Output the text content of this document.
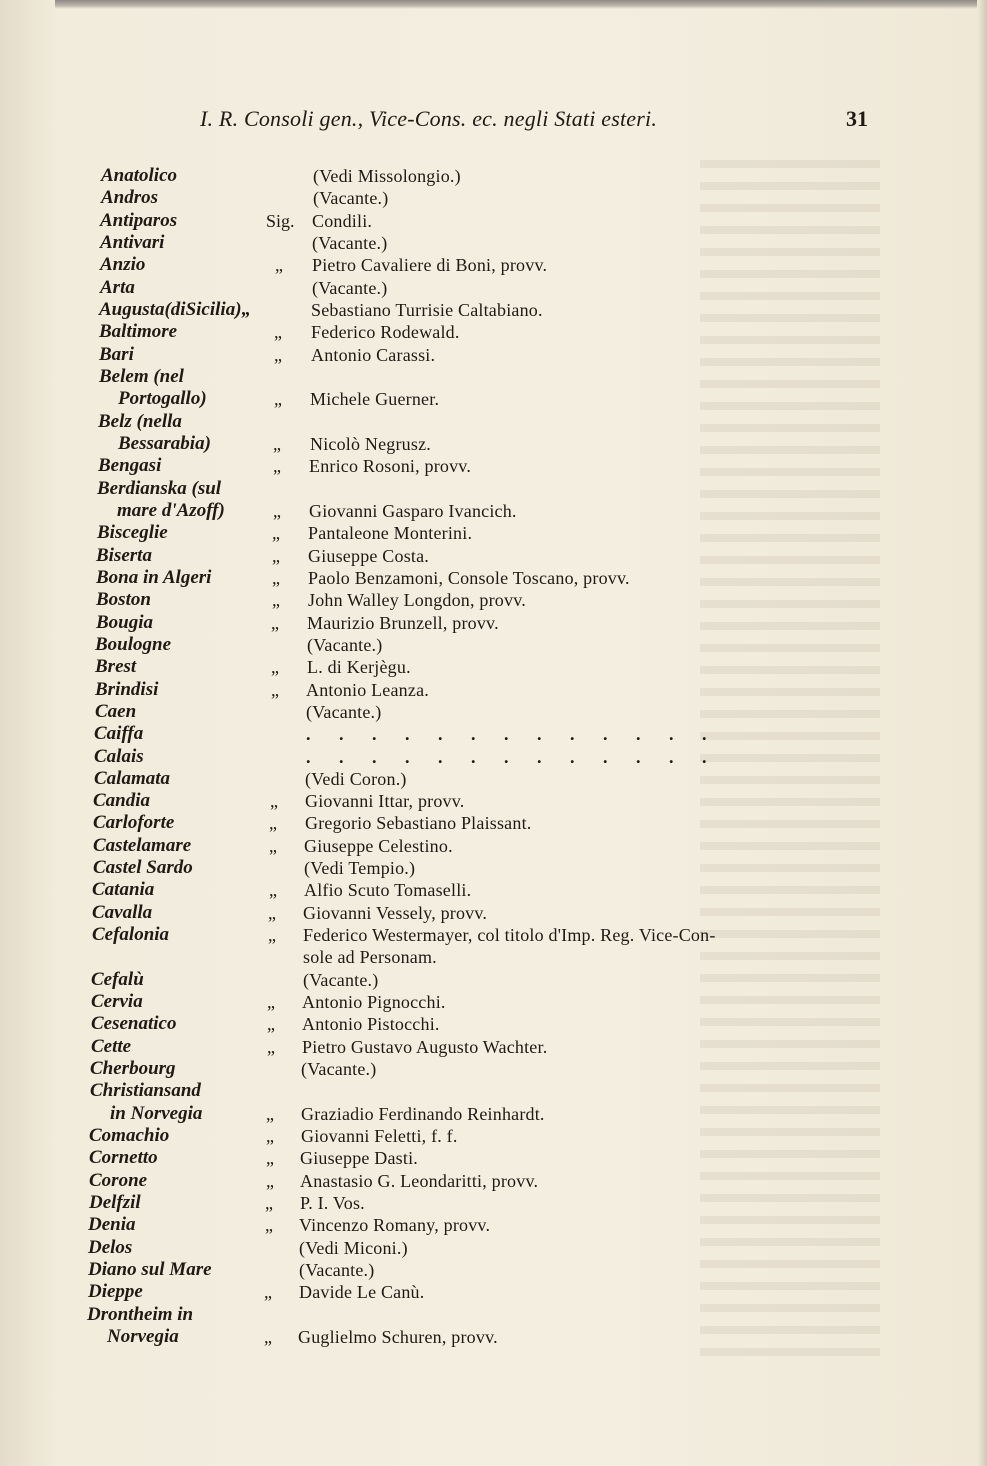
I. R. Consoli gen., Vice-Cons. ec. negli Stati esteri.	31
Anatolico	(Vedi Missolongio.)
Andros	(Vacante.)
Antiparos	Sig. Condili.
Antivari	(Vacante.)
Anzio	„ Pietro Cavaliere di Boni, provv.
Arta	(Vacante.)
Augusta(diSicilia)„	Sebastiano Turrisie Caltabiano.
Baltimore	„ Federico Rodewald.
Bari	„ Antonio Carassi.
Belem (nel
Portogallo)	„ Michele Guerner.
Belz (nella
Bessarabia)	„ Nicolò Negrusz.
Bengasi	„ Enrico Rosoni, provv.
Berdianska (sul
mare d'Azoff)	„ Giovanni Gasparo Ivancich.
Bisceglie	„ Pantaleone Monterini.
Biserta	„ Giuseppe Costa.
Bona in Algeri	„ Paolo Benzamoni, Console Toscano, provv.
Boston	„ John Walley Longdon, provv.
Bougia	„ Maurizio Brunzell, provv.
Boulogne	(Vacante.)
Brest	„ L. di Kerjègu.
Brindisi	„ Antonio Leanza.
Caen	(Vacante.)
Caiffa	. . . . . . . . . . . . .
Calais	. . . . . . . . . . . . .
Calamata	(Vedi Coron.)
Candia	„ Giovanni Ittar, provv.
Carloforte	„ Gregorio Sebastiano Plaissant.
Castelamare	„ Giuseppe Celestino.
Castel Sardo	(Vedi Tempio.)
Catania	„ Alfio Scuto Tomaselli.
Cavalla	„ Giovanni Vessely, provv.
Cefalonia	„ Federico Westermayer, col titolo d'Imp. Reg. Vice-Con-
sole ad Personam.
Cefalù	(Vacante.)
Cervia	„ Antonio Pignocchi.
Cesenatico	„ Antonio Pistocchi.
Cette	„ Pietro Gustavo Augusto Wachter.
Cherbourg	(Vacante.)
Christiansand
in Norvegia	„ Graziadio Ferdinando Reinhardt.
Comachio	„ Giovanni Feletti, f. f.
Cornetto	„ Giuseppe Dasti.
Corone	„ Anastasio G. Leondaritti, provv.
Delfzil	„ P. I. Vos.
Denia	„ Vincenzo Romany, provv.
Delos	(Vedi Miconi.)
Diano sul Mare	(Vacante.)
Dieppe	„ Davide Le Canù.
Drontheim in
Norvegia	„ Guglielmo Schuren, provv.
